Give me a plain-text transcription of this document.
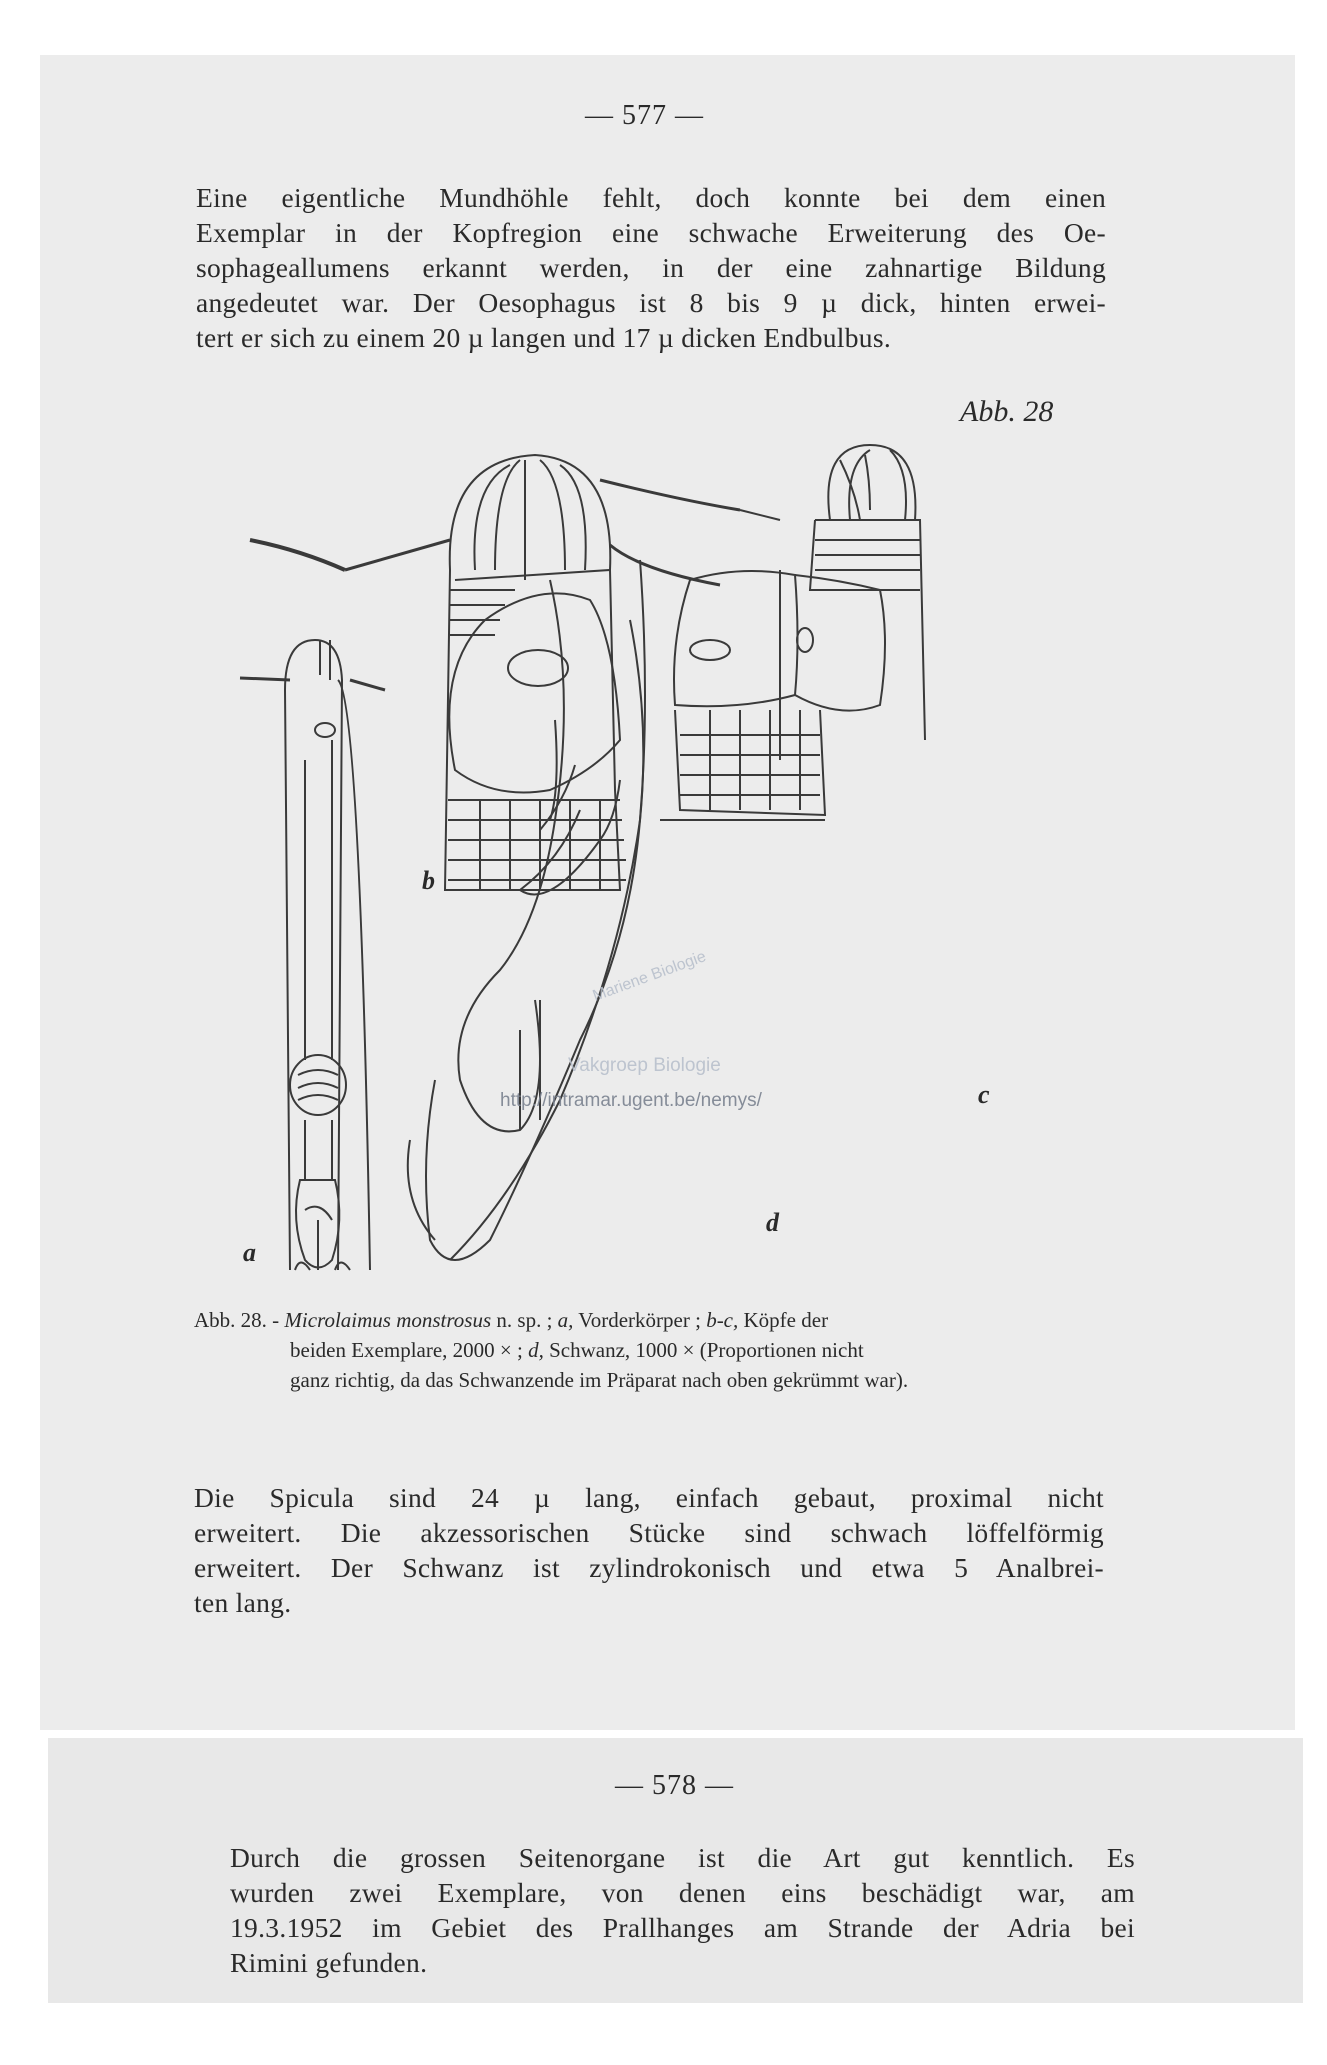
— 577 —
Eine eigentliche Mundhöhle fehlt, doch konnte bei dem einen
Exemplar in der Kopfregion eine schwache Erweiterung des Oe-
sophageallumens erkannt werden, in der eine zahnartige Bildung
angedeutet war. Der Oesophagus ist 8 bis 9 µ dick, hinten erwei-
tert er sich zu einem 20 µ langen und 17 µ dicken Endbulbus.
Abb. 28
a
b
c
d
Mariene Biologie
Vakgroep Biologie
http://intramar.ugent.be/nemys/
Abb. 28. - Microlaimus monstrosus n. sp. ; a, Vorderkörper ; b-c, Köpfe der
beiden Exemplare, 2000 × ; d, Schwanz, 1000 × (Proportionen nicht
ganz richtig, da das Schwanzende im Präparat nach oben gekrümmt war).
Die Spicula sind 24 µ lang, einfach gebaut, proximal nicht
erweitert. Die akzessorischen Stücke sind schwach löffelförmig
erweitert. Der Schwanz ist zylindrokonisch und etwa 5 Analbrei-
ten lang.
— 578 —
Durch die grossen Seitenorgane ist die Art gut kenntlich. Es
wurden zwei Exemplare, von denen eins beschädigt war, am
19.3.1952 im Gebiet des Prallhanges am Strande der Adria bei
Rimini gefunden.
